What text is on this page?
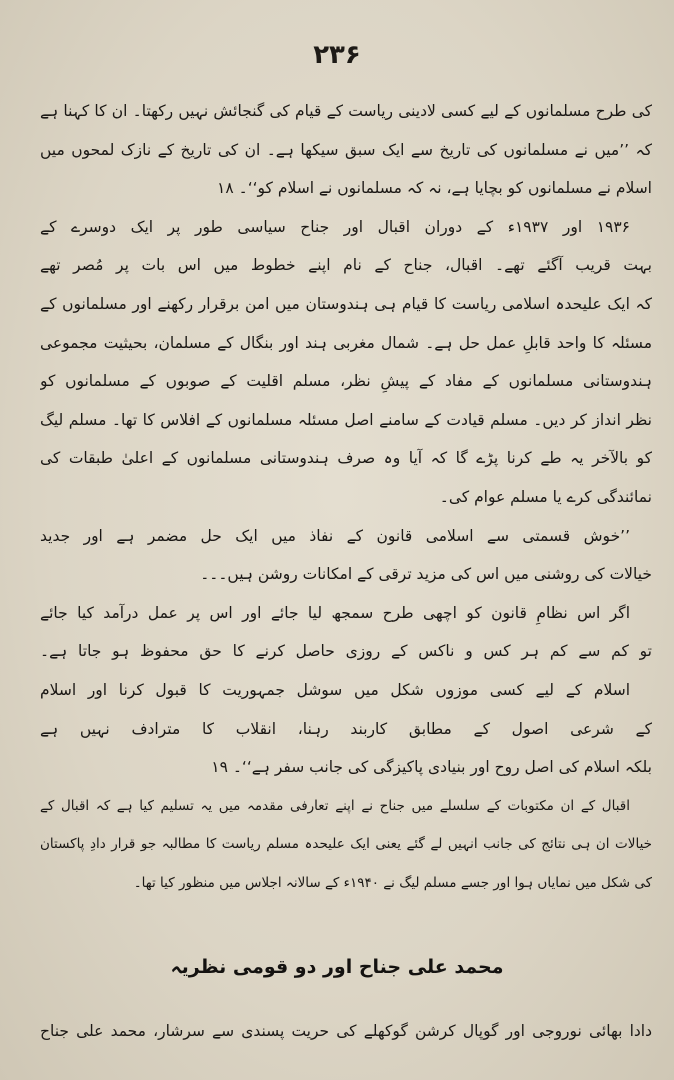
۲۳۶
کی طرح مسلمانوں کے لیے کسی لادینی ریاست کے قیام کی گنجائش نہیں رکھتا۔ ان کا کہنا ہے
کہ ’’میں نے مسلمانوں کی تاریخ سے ایک سبق سیکھا ہے۔ ان کی تاریخ کے نازک لمحوں میں
اسلام نے مسلمانوں کو بچایا ہے، نہ کہ مسلمانوں نے اسلام کو‘‘۔ ۱۸
۱۹۳۶ اور ۱۹۳۷ء کے دوران اقبال اور جناح سیاسی طور پر ایک دوسرے کے
بہت قریب آگئے تھے۔ اقبال، جناح کے نام اپنے خطوط میں اس بات پر مُصر تھے
کہ ایک علیحدہ اسلامی ریاست کا قیام ہی ہندوستان میں امن برقرار رکھنے اور مسلمانوں کے
مسئلہ کا واحد قابلِ عمل حل ہے۔ شمال مغربی ہند اور بنگال کے مسلمان، بحیثیت مجموعی
ہندوستانی مسلمانوں کے مفاد کے پیشِ نظر، مسلم اقلیت کے صوبوں کے مسلمانوں کو
نظر انداز کر دیں۔ مسلم قیادت کے سامنے اصل مسئلہ مسلمانوں کے افلاس کا تھا۔ مسلم لیگ
کو بالآخر یہ طے کرنا پڑے گا کہ آیا وہ صرف ہندوستانی مسلمانوں کے اعلیٰ طبقات کی
نمائندگی کرے یا مسلم عوام کی۔
’’خوش قسمتی سے اسلامی قانون کے نفاذ میں ایک حل مضمر ہے اور جدید
خیالات کی روشنی میں اس کی مزید ترقی کے امکانات روشن ہیں۔۔۔
اگر اس نظامِ قانون کو اچھی طرح سمجھ لیا جائے اور اس پر عمل درآمد کیا جائے
تو کم سے کم ہر کس و ناکس کے روزی حاصل کرنے کا حق محفوظ ہو جاتا ہے۔
اسلام کے لیے کسی موزوں شکل میں سوشل جمہوریت کا قبول کرنا اور اسلام
کے شرعی اصول کے مطابق کاربند رہنا، انقلاب کا مترادف نہیں ہے
بلکہ اسلام کی اصل روح اور بنیادی پاکیزگی کی جانب سفر ہے‘‘۔ ۱۹
اقبال کے ان مکتوبات کے سلسلے میں جناح نے اپنے تعارفی مقدمہ میں یہ تسلیم کیا ہے کہ اقبال کے
خیالات ان ہی نتائج کی جانب انہیں لے گئے یعنی ایک علیحدہ مسلم ریاست کا مطالبہ جو قرار دادِ پاکستان
کی شکل میں نمایاں ہوا اور جسے مسلم لیگ نے ۱۹۴۰ء کے سالانہ اجلاس میں منظور کیا تھا۔
محمد علی جناح اور دو قومی نظریہ
دادا بھائی نوروجی اور گوپال کرشن گوکھلے کی حریت پسندی سے سرشار، محمد علی جناح
